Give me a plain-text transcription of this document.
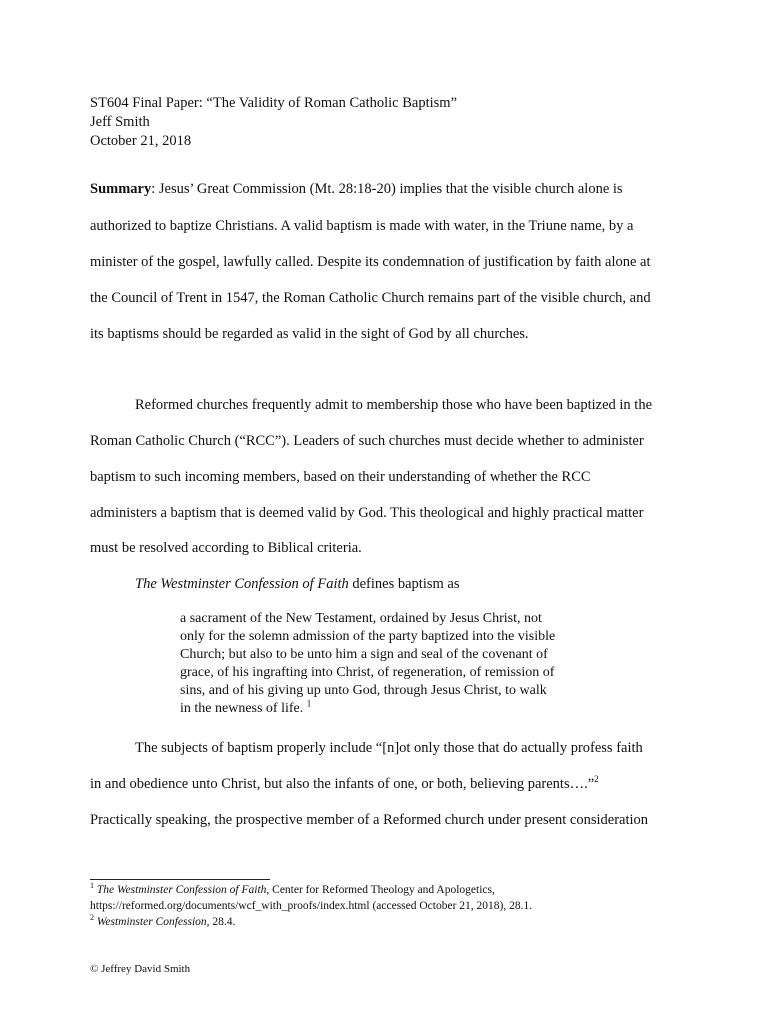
ST604 Final Paper: “The Validity of Roman Catholic Baptism”
Jeff Smith
October 21, 2018
Summary: Jesus’ Great Commission (Mt. 28:18-20) implies that the visible church alone is
authorized to baptize Christians. A valid baptism is made with water, in the Triune name, by a
minister of the gospel, lawfully called. Despite its condemnation of justification by faith alone at
the Council of Trent in 1547, the Roman Catholic Church remains part of the visible church, and
its baptisms should be regarded as valid in the sight of God by all churches.
Reformed churches frequently admit to membership those who have been baptized in the
Roman Catholic Church (“RCC”). Leaders of such churches must decide whether to administer
baptism to such incoming members, based on their understanding of whether the RCC
administers a baptism that is deemed valid by God. This theological and highly practical matter
must be resolved according to Biblical criteria.
The Westminster Confession of Faith defines baptism as
a sacrament of the New Testament, ordained by Jesus Christ, not
only for the solemn admission of the party baptized into the visible
Church; but also to be unto him a sign and seal of the covenant of
grace, of his ingrafting into Christ, of regeneration, of remission of
sins, and of his giving up unto God, through Jesus Christ, to walk
in the newness of life. $^1$
The subjects of baptism properly include “[n]ot only those that do actually profess faith
in and obedience unto Christ, but also the infants of one, or both, believing parents….”$^2$
Practically speaking, the prospective member of a Reformed church under present consideration
$^1$ The Westminster Confession of Faith, Center for Reformed Theology and Apologetics,
https://reformed.org/documents/wcf_with_proofs/index.html (accessed October 21, 2018), 28.1.
$^2$ Westminster Confession, 28.4.
© Jeffrey David Smith
